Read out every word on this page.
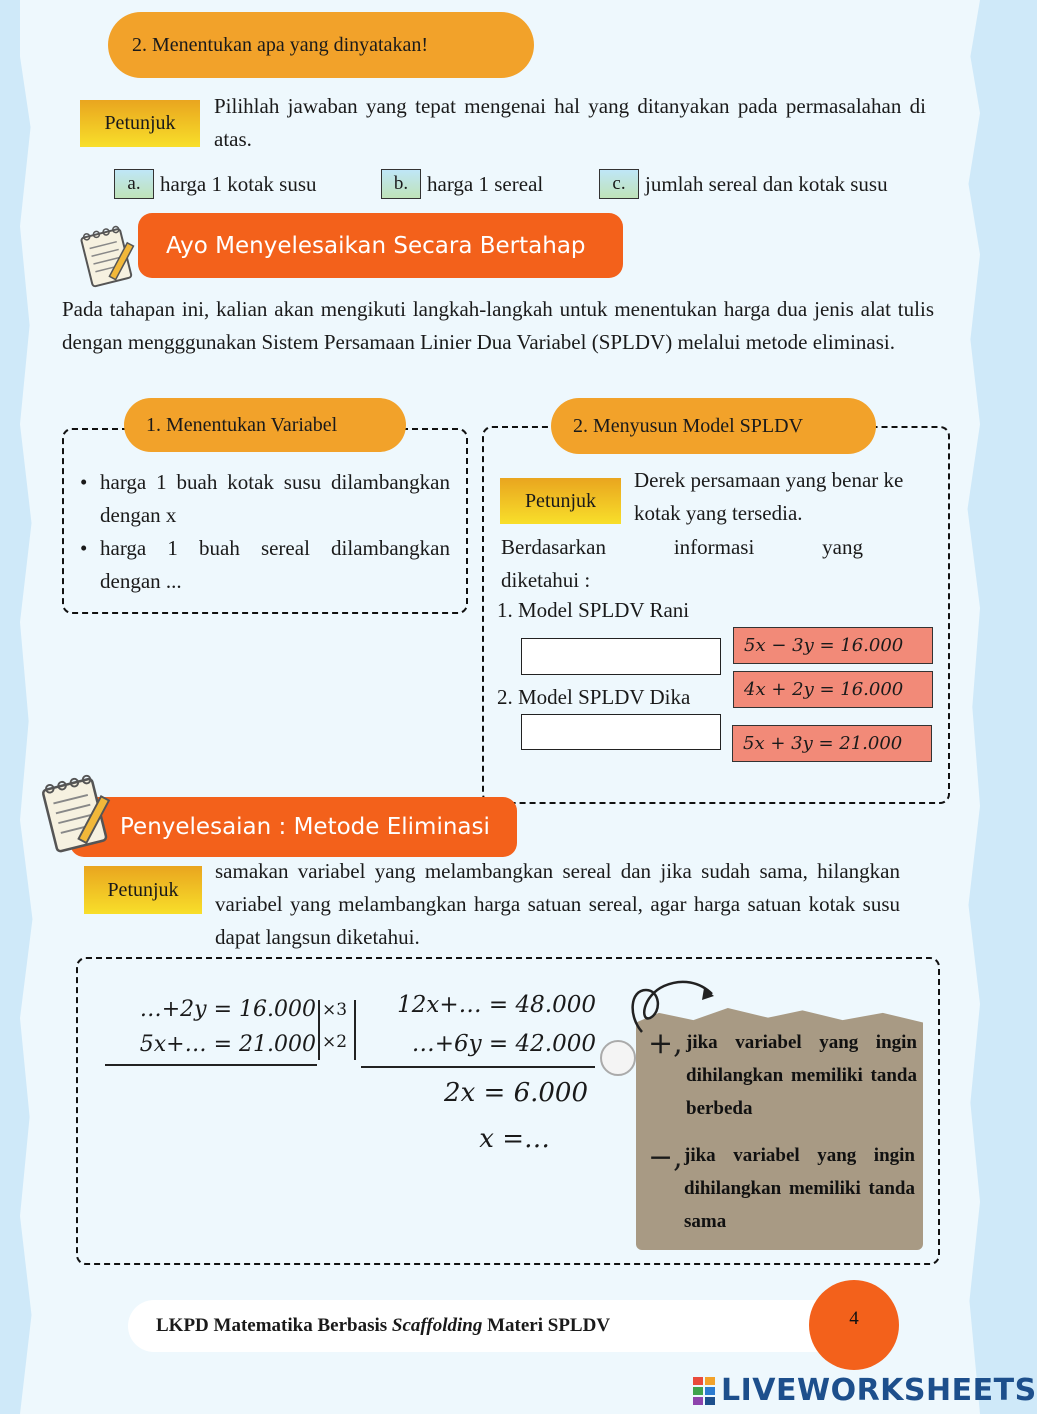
2. Menentukan apa yang dinyatakan!
Petunjuk
Pilihlah jawaban yang tepat mengenai hal yang ditanyakan pada permasalahan di atas.
a. harga 1 kotak susu	b. harga 1 sereal	c. jumlah sereal dan kotak susu
Ayo Menyelesaikan Secara Bertahap
Pada tahapan ini, kalian akan mengikuti langkah-langkah untuk menentukan harga dua jenis alat tulis dengan mengggunakan Sistem Persamaan Linier Dua Variabel (SPLDV) melalui metode eliminasi.
1. Menentukan Variabel
• harga 1 buah kotak susu dilambangkan dengan x
• harga 1 buah sereal dilambangkan dengan ...
2. Menyusun Model SPLDV
Petunjuk
Derek persamaan yang benar ke kotak yang tersedia.
Berdasarkan informasi yang
diketahui :
1. Model SPLDV Rani
2. Model SPLDV Dika
5x − 3y = 16.000
4x + 2y = 16.000
5x + 3y = 21.000
Penyelesaian : Metode Eliminasi
Petunjuk
samakan variabel yang melambangkan sereal dan jika sudah sama, hilangkan variabel yang melambangkan harga satuan sereal, agar harga satuan kotak susu dapat langsun diketahui.
…+2y = 16.000
5x+… = 21.000
×3
×2
12x+… = 48.000
…+6y = 42.000
2x = 6.000
x =…
+, jika variabel yang ingin dihilangkan memiliki tanda berbeda
−, jika variabel yang ingin dihilangkan memiliki tanda sama
LKPD Matematika Berbasis Scaffolding Materi SPLDV	4
LIVEWORKSHEETS
